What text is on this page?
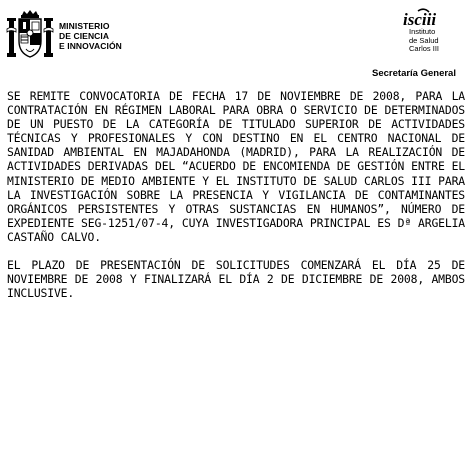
MINISTERIO
DE CIENCIA
E INNOVACIÓN
isciii
Instituto
de Salud
Carlos III
Secretaría General

SE REMITE CONVOCATORIA DE FECHA 17 DE NOVIEMBRE DE 2008, PARA LA CONTRATACIÓN EN RÉGIMEN LABORAL PARA OBRA O SERVICIO DE DETERMINADOS DE UN PUESTO DE LA CATEGORÍA DE TITULADO SUPERIOR DE ACTIVIDADES TÉCNICAS Y PROFESIONALES Y CON DESTINO EN EL CENTRO NACIONAL DE SANIDAD AMBIENTAL EN MAJADAHONDA (MADRID), PARA LA REALIZACIÓN DE ACTIVIDADES DERIVADAS DEL “ACUERDO DE ENCOMIENDA DE GESTIÓN ENTRE EL MINISTERIO DE MEDIO AMBIENTE Y EL INSTITUTO DE SALUD CARLOS III PARA LA INVESTIGACIÓN SOBRE LA PRESENCIA Y VIGILANCIA DE CONTAMINANTES ORGÁNICOS PERSISTENTES Y OTRAS SUSTANCIAS EN HUMANOS”, NÚMERO DE EXPEDIENTE SEG-1251/07-4, CUYA INVESTIGADORA PRINCIPAL ES Dª ARGELIA CASTAÑO CALVO.

EL PLAZO DE PRESENTACIÓN DE SOLICITUDES COMENZARÁ EL DÍA 25 DE NOVIEMBRE DE 2008 Y FINALIZARÁ EL DÍA 2 DE DICIEMBRE DE 2008, AMBOS INCLUSIVE.
